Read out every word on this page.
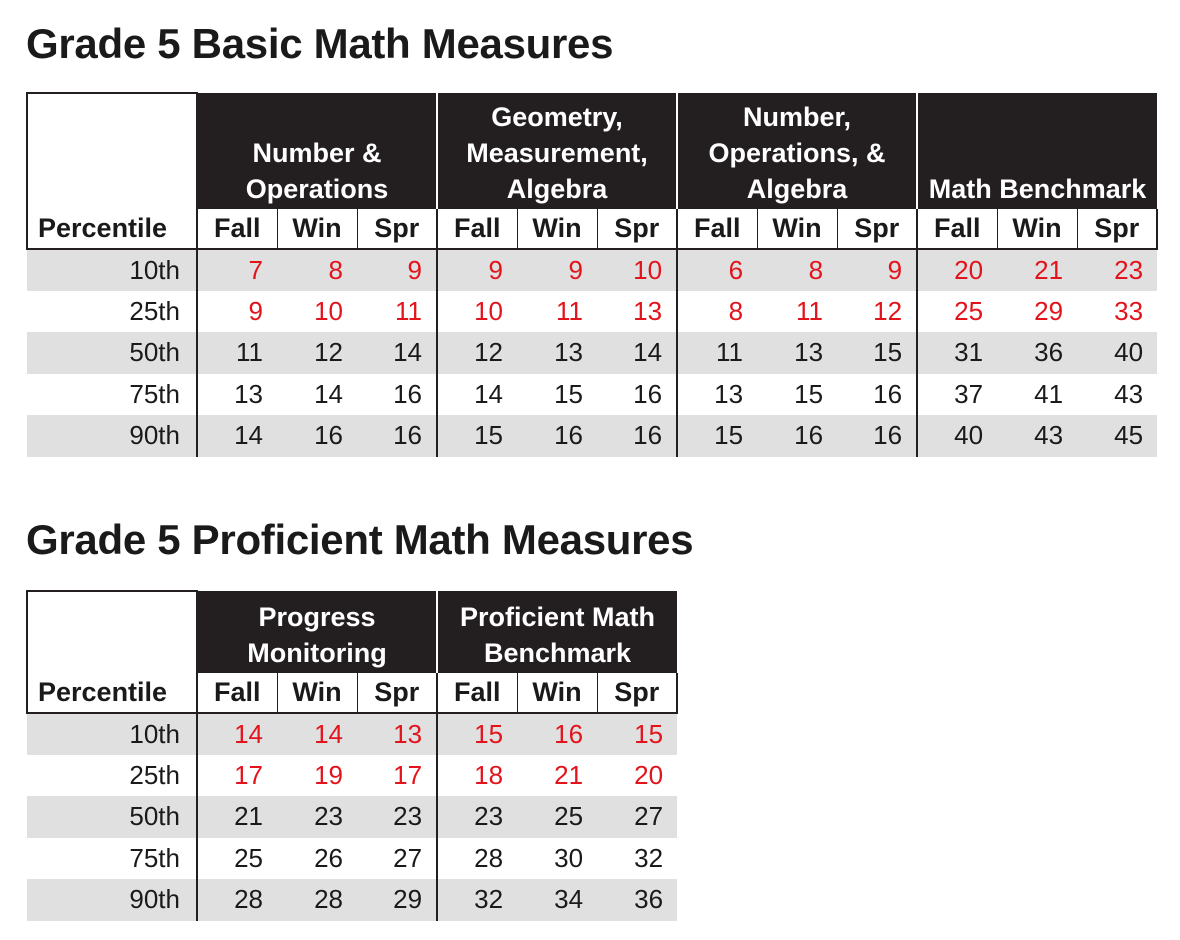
Grade 5 Basic Math Measures
	Number & Operations			Geometry, Measurement, Algebra			Number, Operations, & Algebra			Math Benchmark		
Percentile	Fall	Win	Spr	Fall	Win	Spr	Fall	Win	Spr	Fall	Win	Spr
10th	7	8	9	9	9	10	6	8	9	20	21	23
25th	9	10	11	10	11	13	8	11	12	25	29	33
50th	11	12	14	12	13	14	11	13	15	31	36	40
75th	13	14	16	14	15	16	13	15	16	37	41	43
90th	14	16	16	15	16	16	15	16	16	40	43	45
Grade 5 Proficient Math Measures
	Progress Monitoring			Proficient Math Benchmark		
Percentile	Fall	Win	Spr	Fall	Win	Spr
10th	14	14	13	15	16	15
25th	17	19	17	18	21	20
50th	21	23	23	23	25	27
75th	25	26	27	28	30	32
90th	28	28	29	32	34	36
